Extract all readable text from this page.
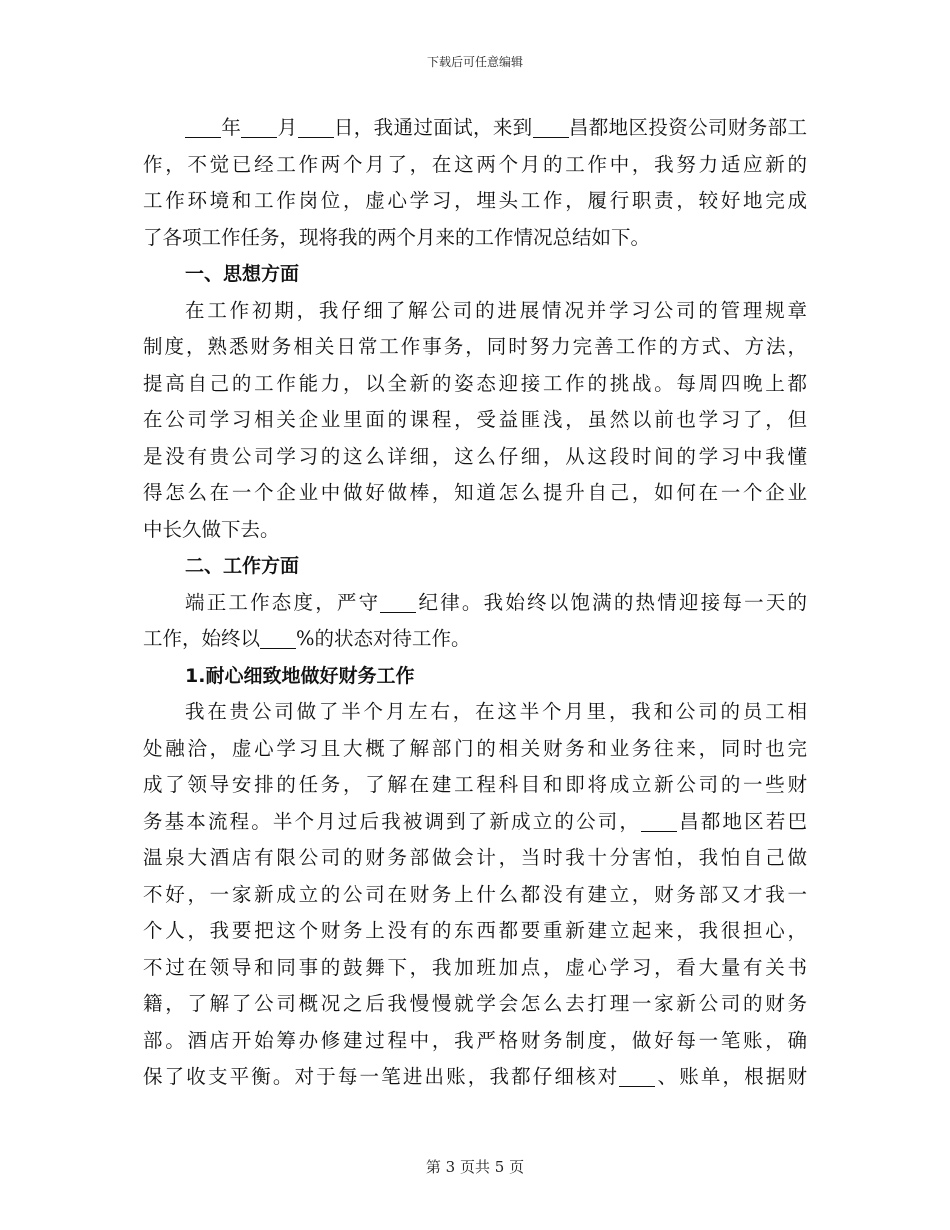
下载后可任意编辑
年 月 日，我通过面试，来到 昌都地区投资公司财务部工
作，不觉已经工作两个月了，在这两个月的工作中，我努力适应新的
工作环境和工作岗位，虚心学习，埋头工作，履行职责，较好地完成
了各项工作任务，现将我的两个月来的工作情况总结如下。
一、思想方面
在工作初期，我仔细了解公司的进展情况并学习公司的管理规章
制度，熟悉财务相关日常工作事务，同时努力完善工作的方式、方法，
提高自己的工作能力，以全新的姿态迎接工作的挑战。每周四晚上都
在公司学习相关企业里面的课程，受益匪浅，虽然以前也学习了，但
是没有贵公司学习的这么详细，这么仔细，从这段时间的学习中我懂
得怎么在一个企业中做好做棒，知道怎么提升自己，如何在一个企业
中长久做下去。
二、工作方面
端正工作态度，严守 纪律。我始终以饱满的热情迎接每一天的
工作，始终以 %的状态对待工作。
1.耐心细致地做好财务工作
我在贵公司做了半个月左右，在这半个月里，我和公司的员工相
处融洽，虚心学习且大概了解部门的相关财务和业务往来，同时也完
成了领导安排的任务，了解在建工程科目和即将成立新公司的一些财
务基本流程。半个月过后我被调到了新成立的公司， 昌都地区若巴
温泉大酒店有限公司的财务部做会计，当时我十分害怕，我怕自己做
不好，一家新成立的公司在财务上什么都没有建立，财务部又才我一
个人，我要把这个财务上没有的东西都要重新建立起来，我很担心，
不过在领导和同事的鼓舞下，我加班加点，虚心学习，看大量有关书
籍，了解了公司概况之后我慢慢就学会怎么去打理一家新公司的财务
部。酒店开始筹办修建过程中，我严格财务制度，做好每一笔账，确
保了收支平衡。对于每一笔进出账，我都仔细核对 、账单，根据财
第 3 页共 5 页
